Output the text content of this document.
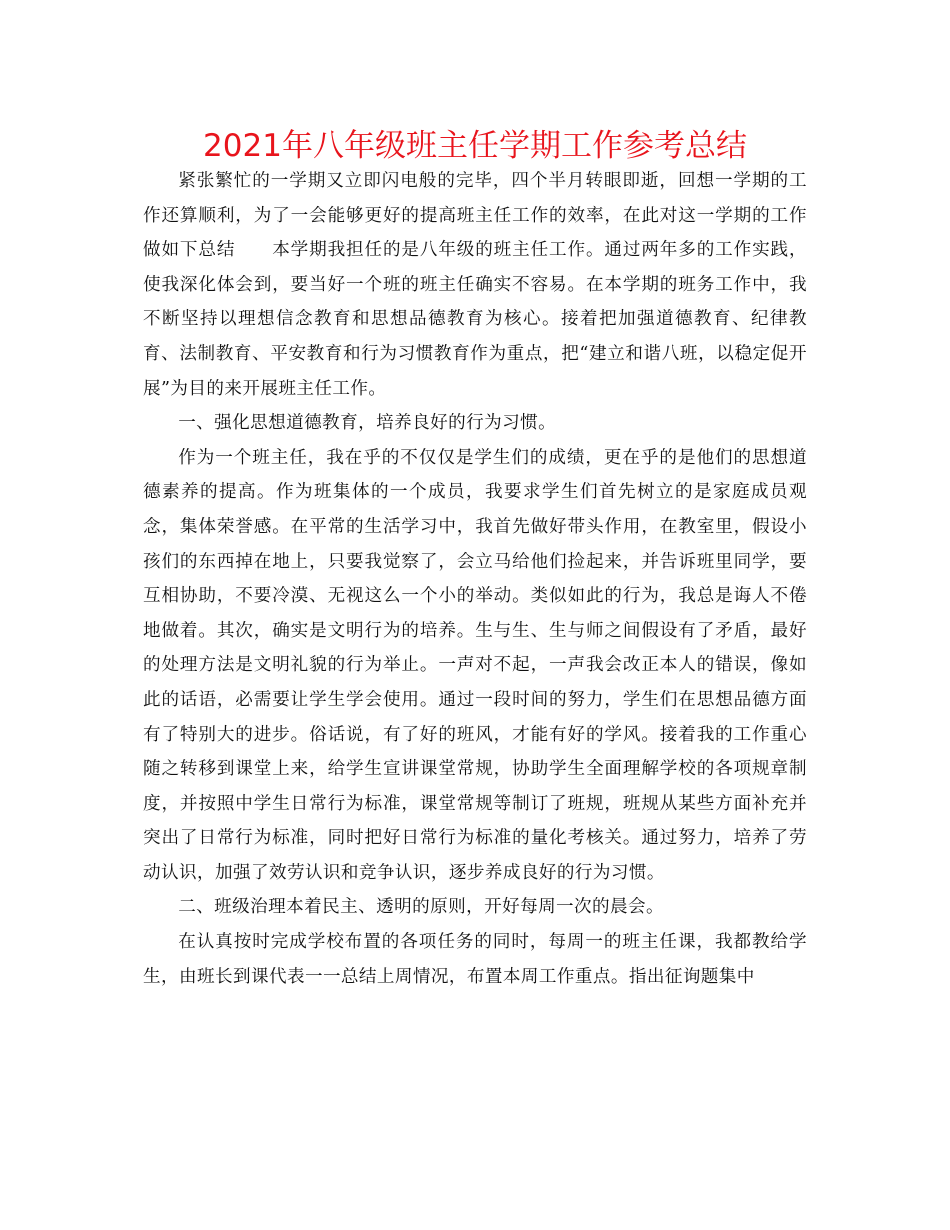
2021年八年级班主任学期工作参考总结

紧张繁忙的一学期又立即闪电般的完毕，四个半月转眼即逝，回想一学期的工作还算顺利，为了一会能够更好的提高班主任工作的效率，在此对这一学期的工作做如下总结　　本学期我担任的是八年级的班主任工作。通过两年多的工作实践，使我深化体会到，要当好一个班的班主任确实不容易。在本学期的班务工作中，我不断坚持以理想信念教育和思想品德教育为核心。接着把加强道德教育、纪律教育、法制教育、平安教育和行为习惯教育作为重点，把“建立和谐八班，以稳定促开展”为目的来开展班主任工作。

一、强化思想道德教育，培养良好的行为习惯。

作为一个班主任，我在乎的不仅仅是学生们的成绩，更在乎的是他们的思想道德素养的提高。作为班集体的一个成员，我要求学生们首先树立的是家庭成员观念，集体荣誉感。在平常的生活学习中，我首先做好带头作用，在教室里，假设小孩们的东西掉在地上，只要我觉察了，会立马给他们捡起来，并告诉班里同学，要互相协助，不要冷漠、无视这么一个小的举动。类似如此的行为，我总是诲人不倦地做着。其次，确实是文明行为的培养。生与生、生与师之间假设有了矛盾，最好的处理方法是文明礼貌的行为举止。一声对不起，一声我会改正本人的错误，像如此的话语，必需要让学生学会使用。通过一段时间的努力，学生们在思想品德方面有了特别大的进步。俗话说，有了好的班风，才能有好的学风。接着我的工作重心随之转移到课堂上来，给学生宣讲课堂常规，协助学生全面理解学校的各项规章制度，并按照中学生日常行为标准，课堂常规等制订了班规，班规从某些方面补充并突出了日常行为标准，同时把好日常行为标准的量化考核关。通过努力，培养了劳动认识，加强了效劳认识和竞争认识，逐步养成良好的行为习惯。

二、班级治理本着民主、透明的原则，开好每周一次的晨会。

在认真按时完成学校布置的各项任务的同时，每周一的班主任课，我都教给学生，由班长到课代表一一总结上周情况，布置本周工作重点。指出征询题集中
